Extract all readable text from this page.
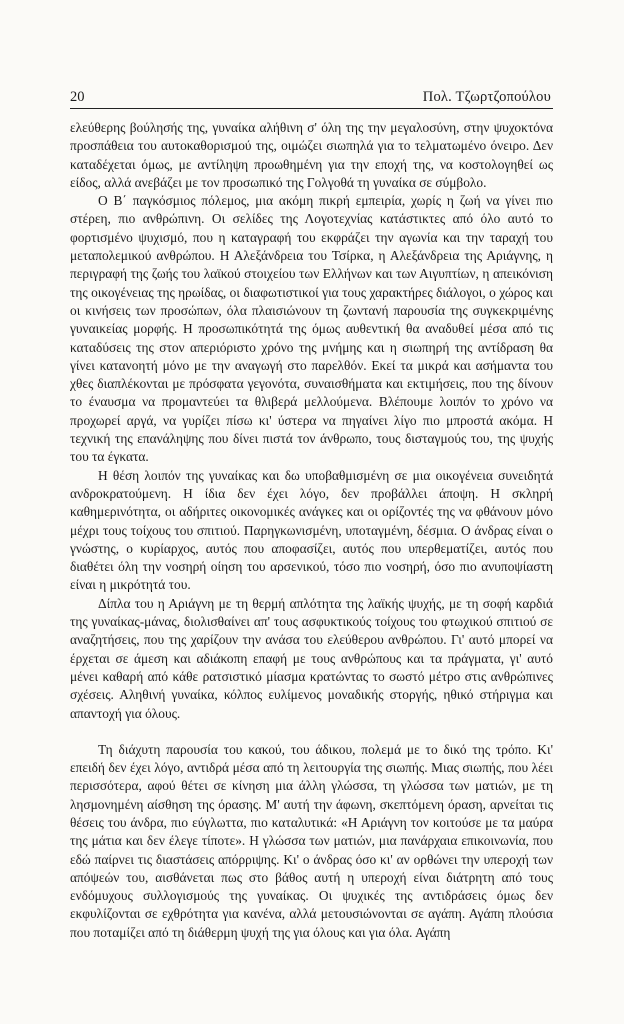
20	Πολ. Τζωρτζοπούλου

ελεύθερης βούλησής της, γυναίκα αλήθινη σ' όλη της την μεγαλοσύνη, στην ψυχοκτόνα προσπάθεια του αυτοκαθορισμού της, οιμώζει σιωπηλά για το τελματωμένο όνειρο. Δεν καταδέχεται όμως, με αντίληψη προωθημένη για την εποχή της, να κοστολογηθεί ως είδος, αλλά ανεβάζει με τον προσωπικό της Γολγοθά τη γυναίκα σε σύμβολο.

Ο Β΄ παγκόσμιος πόλεμος, μια ακόμη πικρή εμπειρία, χωρίς η ζωή να γίνει πιο στέρεη, πιο ανθρώπινη. Οι σελίδες της Λογοτεχνίας κατάστικτες από όλο αυτό το φορτισμένο ψυχισμό, που η καταγραφή του εκφράζει την αγωνία και την ταραχή του μεταπολεμικού ανθρώπου. Η Αλεξάνδρεια του Τσίρκα, η Αλεξάνδρεια της Αριάγνης, η περιγραφή της ζωής του λαϊκού στοιχείου των Ελλήνων και των Αιγυπτίων, η απεικόνιση της οικογένειας της ηρωίδας, οι διαφωτιστικοί για τους χαρακτήρες διάλογοι, ο χώρος και οι κινήσεις των προσώπων, όλα πλαισιώνουν τη ζωντανή παρουσία της συγκεκριμένης γυναικείας μορφής. Η προσωπικότητά της όμως αυθεντική θα αναδυθεί μέσα από τις καταδύσεις της στον απεριόριστο χρόνο της μνήμης και η σιωπηρή της αντίδραση θα γίνει κατανοητή μόνο με την αναγωγή στο παρελθόν. Εκεί τα μικρά και ασήμαντα του χθες διαπλέκονται με πρόσφατα γεγονότα, συναισθήματα και εκτιμήσεις, που της δίνουν το έναυσμα να προμαντεύει τα θλιβερά μελλούμενα. Βλέπουμε λοιπόν το χρόνο να προχωρεί αργά, να γυρίζει πίσω κι' ύστερα να πηγαίνει λίγο πιο μπροστά ακόμα. Η τεχνική της επανάληψης που δίνει πιστά τον άνθρωπο, τους δισταγμούς του, της ψυχής του τα έγκατα.

Η θέση λοιπόν της γυναίκας και δω υποβαθμισμένη σε μια οικογένεια συνειδητά ανδροκρατούμενη. Η ίδια δεν έχει λόγο, δεν προβάλλει άποψη. Η σκληρή καθημερινότητα, οι αδήριτες οικονομικές ανάγκες και οι ορίζοντές της να φθάνουν μόνο μέχρι τους τοίχους του σπιτιού. Παρηγκωνισμένη, υποταγμένη, δέσμια. Ο άνδρας είναι ο γνώστης, ο κυρίαρχος, αυτός που αποφασίζει, αυτός που υπερθεματίζει, αυτός που διαθέτει όλη την νοσηρή οίηση του αρσενικού, τόσο πιο νοσηρή, όσο πιο ανυποψίαστη είναι η μικρότητά του.

Δίπλα του η Αριάγνη με τη θερμή απλότητα της λαϊκής ψυχής, με τη σοφή καρδιά της γυναίκας-μάνας, διολισθαίνει απ' τους ασφυκτικούς τοίχους του φτωχικού σπιτιού σε αναζητήσεις, που της χαρίζουν την ανάσα του ελεύθερου ανθρώπου. Γι' αυτό μπορεί να έρχεται σε άμεση και αδιάκοπη επαφή με τους ανθρώπους και τα πράγματα, γι' αυτό μένει καθαρή από κάθε ρατσιστικό μίασμα κρατώντας το σωστό μέτρο στις ανθρώπινες σχέσεις. Αληθινή γυναίκα, κόλπος ευλίμενος μοναδικής στοργής, ηθικό στήριγμα και απαντοχή για όλους.

Τη διάχυτη παρουσία του κακού, του άδικου, πολεμά με το δικό της τρόπο. Κι' επειδή δεν έχει λόγο, αντιδρά μέσα από τη λειτουργία της σιωπής. Μιας σιωπής, που λέει περισσότερα, αφού θέτει σε κίνηση μια άλλη γλώσσα, τη γλώσσα των ματιών, με τη λησμονημένη αίσθηση της όρασης. Μ' αυτή την άφωνη, σκεπτόμενη όραση, αρνείται τις θέσεις του άνδρα, πιο εύγλωττα, πιο καταλυτικά: «Η Αριάγνη τον κοιτούσε με τα μαύρα της μάτια και δεν έλεγε τίποτε». Η γλώσσα των ματιών, μια πανάρχαια επικοινωνία, που εδώ παίρνει τις διαστάσεις απόρριψης. Κι' ο άνδρας όσο κι' αν ορθώνει την υπεροχή των απόψεών του, αισθάνεται πως στο βάθος αυτή η υπεροχή είναι διάτρητη από τους ενδόμυχους συλλογισμούς της γυναίκας. Οι ψυχικές της αντιδράσεις όμως δεν εκφυλίζονται σε εχθρότητα για κανένα, αλλά μετουσιώνονται σε αγάπη. Αγάπη πλούσια που ποταμίζει από τη διάθερμη ψυχή της για όλους και για όλα. Αγάπη
